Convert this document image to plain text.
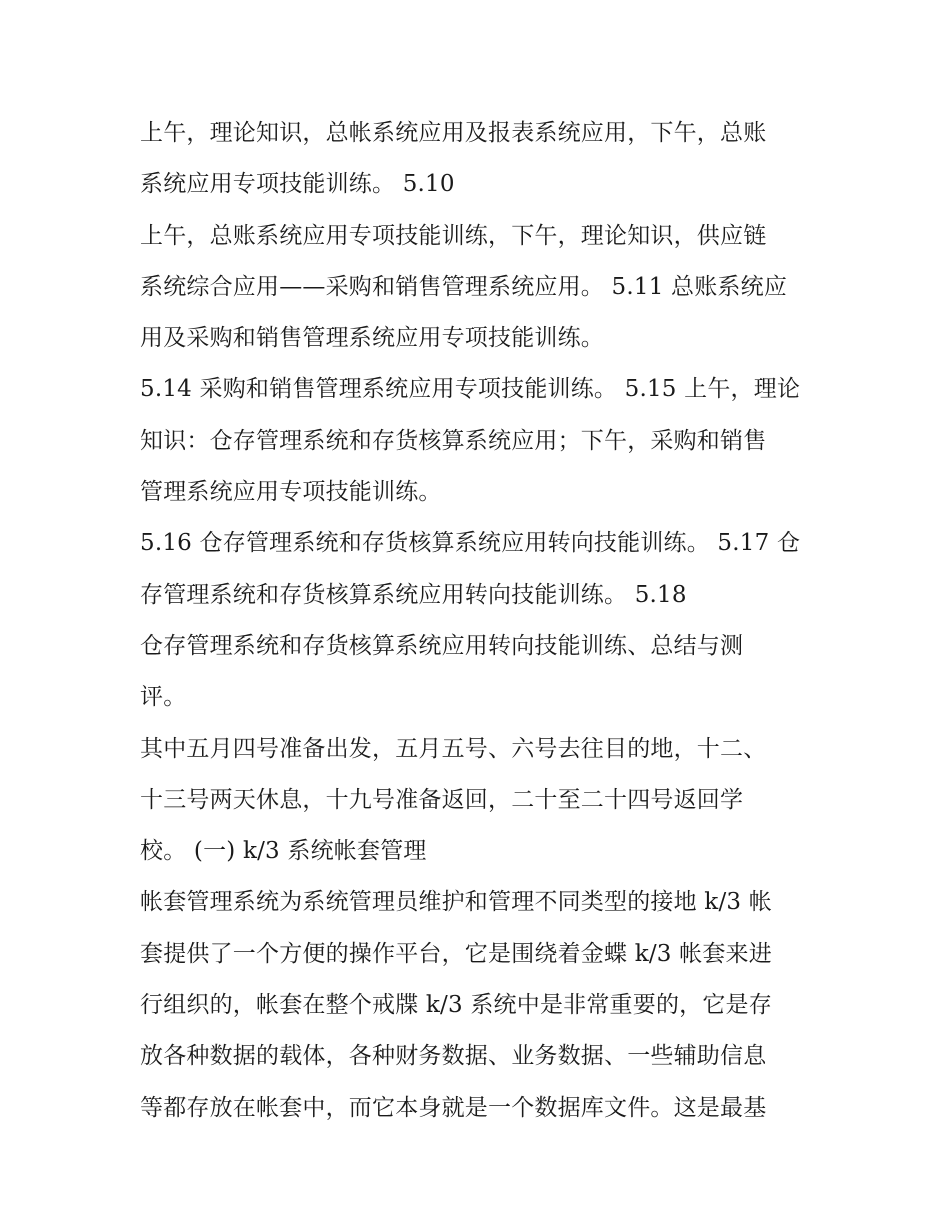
上午，理论知识，总帐系统应用及报表系统应用，下午，总账
系统应用专项技能训练。 5.10
上午，总账系统应用专项技能训练，下午，理论知识，供应链
系统综合应用——采购和销售管理系统应用。 5.11 总账系统应
用及采购和销售管理系统应用专项技能训练。
5.14 采购和销售管理系统应用专项技能训练。 5.15 上午，理论
知识：仓存管理系统和存货核算系统应用；下午，采购和销售
管理系统应用专项技能训练。
5.16 仓存管理系统和存货核算系统应用转向技能训练。 5.17 仓
存管理系统和存货核算系统应用转向技能训练。 5.18
仓存管理系统和存货核算系统应用转向技能训练、总结与测
评。
其中五月四号准备出发，五月五号、六号去往目的地，十二、
十三号两天休息，十九号准备返回，二十至二十四号返回学
校。 (一) k/3 系统帐套管理
帐套管理系统为系统管理员维护和管理不同类型的接地 k/3 帐
套提供了一个方便的操作平台，它是围绕着金蝶 k/3 帐套来进
行组织的，帐套在整个戒牒 k/3 系统中是非常重要的，它是存
放各种数据的载体，各种财务数据、业务数据、一些辅助信息
等都存放在帐套中，而它本身就是一个数据库文件。这是最基
